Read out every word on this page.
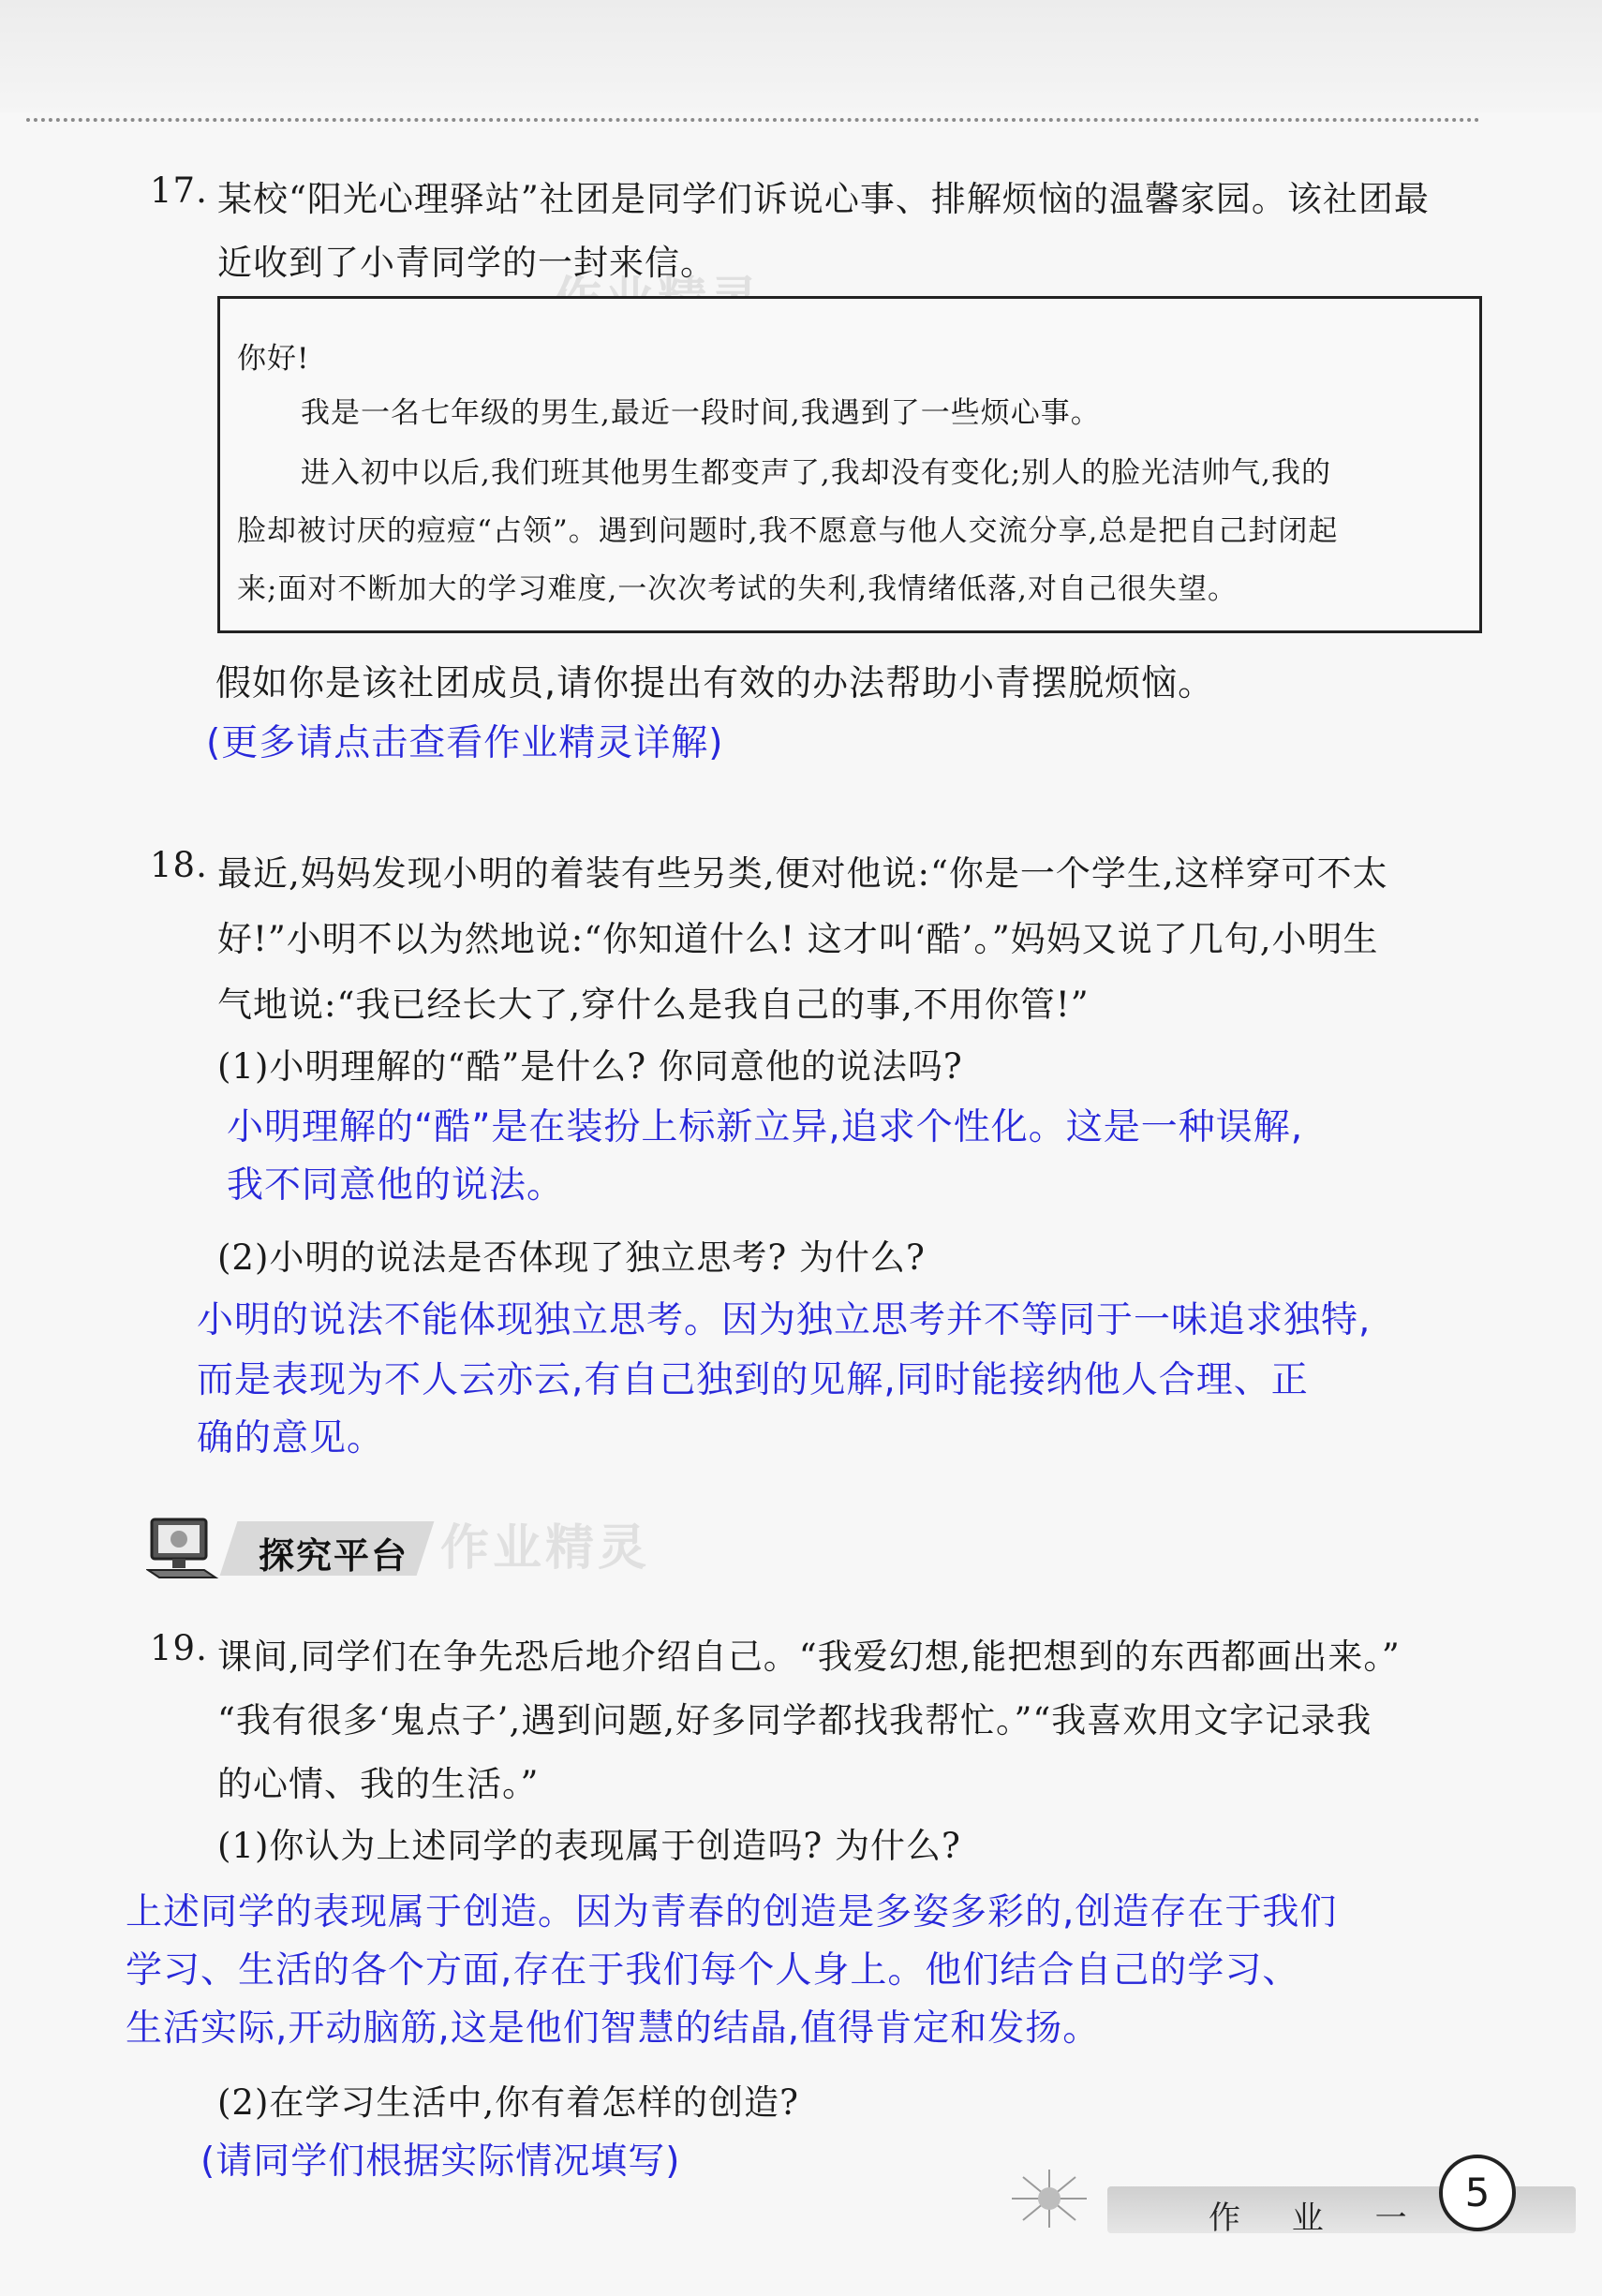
17. 某校“阳光心理驿站”社团是同学们诉说心事、排解烦恼的温馨家园。该社团最
近收到了小青同学的一封来信。
你好!
我是一名七年级的男生,最近一段时间,我遇到了一些烦心事。
进入初中以后,我们班其他男生都变声了,我却没有变化;别人的脸光洁帅气,我的
脸却被讨厌的痘痘“占领”。遇到问题时,我不愿意与他人交流分享,总是把自己封闭起
来;面对不断加大的学习难度,一次次考试的失利,我情绪低落,对自己很失望。
假如你是该社团成员,请你提出有效的办法帮助小青摆脱烦恼。
(更多请点击查看作业精灵详解)
18. 最近,妈妈发现小明的着装有些另类,便对他说:“你是一个学生,这样穿可不太
好!”小明不以为然地说:“你知道什么! 这才叫‘酷’。”妈妈又说了几句,小明生
气地说:“我已经长大了,穿什么是我自己的事,不用你管!”
(1)小明理解的“酷”是什么? 你同意他的说法吗?
小明理解的“酷”是在装扮上标新立异,追求个性化。这是一种误解,
我不同意他的说法。
(2)小明的说法是否体现了独立思考? 为什么?
小明的说法不能体现独立思考。因为独立思考并不等同于一味追求独特,
而是表现为不人云亦云,有自己独到的见解,同时能接纳他人合理、正
确的意见。
探究平台 作业精灵
19. 课间,同学们在争先恐后地介绍自己。“我爱幻想,能把想到的东西都画出来。”
“我有很多‘鬼点子’,遇到问题,好多同学都找我帮忙。”“我喜欢用文字记录我
的心情、我的生活。”
(1)你认为上述同学的表现属于创造吗? 为什么?
上述同学的表现属于创造。因为青春的创造是多姿多彩的,创造存在于我们
学习、生活的各个方面,存在于我们每个人身上。他们结合自己的学习、
生活实际,开动脑筋,这是他们智慧的结晶,值得肯定和发扬。
(2)在学习生活中,你有着怎样的创造?
(请同学们根据实际情况填写)
作 业 一
5
